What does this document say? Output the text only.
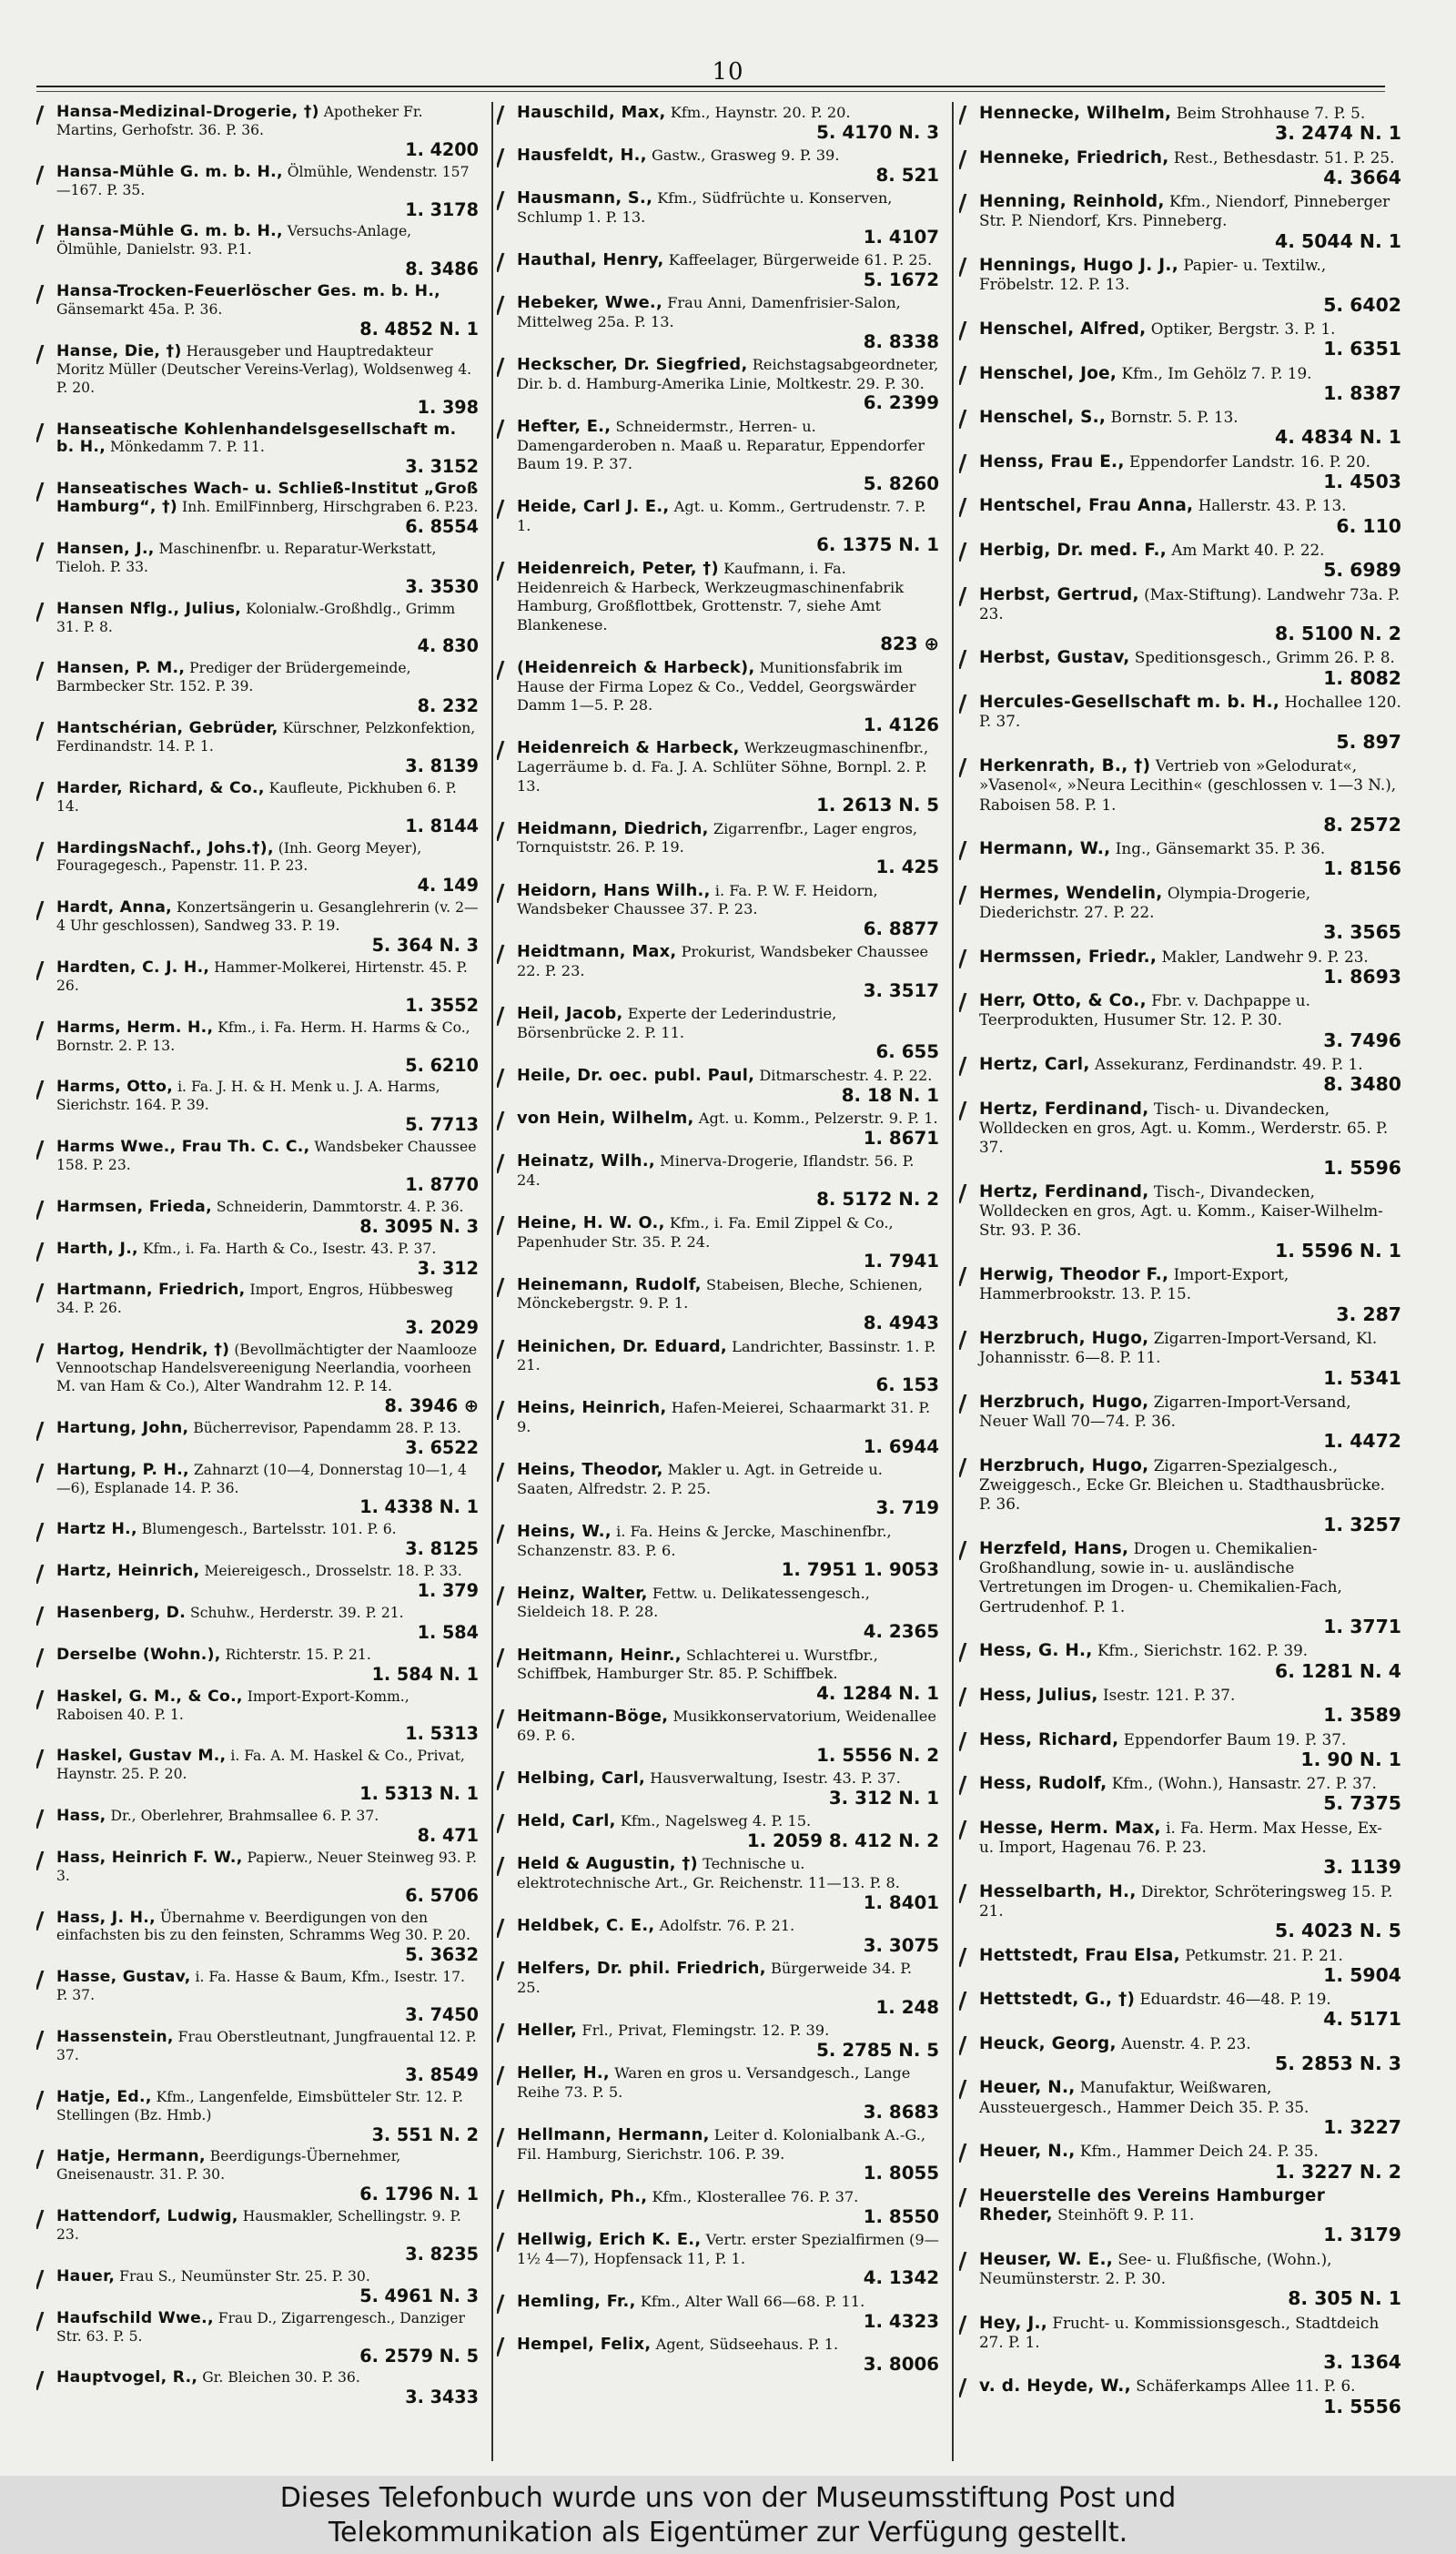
10
Hansa-Medizinal-Drogerie, †) Apotheker Fr. Martins, Gerhofstr. 36. P. 36.
1. 4200
Hansa-Mühle G. m. b. H., Ölmühle, Wendenstr. 157—167. P. 35.
1. 3178
Hansa-Mühle G. m. b. H., Versuchs-Anlage, Ölmühle, Danielstr. 93. P.1.
8. 3486
Hansa-Trocken-Feuerlöscher Ges. m. b. H., Gänsemarkt 45a. P. 36.
8. 4852 N. 1
Hanse, Die, †) Herausgeber und Hauptredakteur Moritz Müller (Deutscher Vereins-Verlag), Woldsenweg 4. P. 20.
1. 398
Hanseatische Kohlenhandelsgesellschaft m. b. H., Mönkedamm 7. P. 11.
3. 3152
Hanseatisches Wach- u. Schließ-Institut „Groß Hamburg“, †) Inh. EmilFinnberg, Hirschgraben 6. P.23.
6. 8554
Hansen, J., Maschinenfbr. u. Reparatur-Werkstatt, Tieloh. P. 33.
3. 3530
Hansen Nflg., Julius, Kolonialw.-Großhdlg., Grimm 31. P. 8.
4. 830
Hansen, P. M., Prediger der Brüdergemeinde, Barmbecker Str. 152. P. 39.
8. 232
Hantschérian, Gebrüder, Kürschner, Pelzkonfektion, Ferdinandstr. 14. P. 1.
3. 8139
Harder, Richard, & Co., Kaufleute, Pickhuben 6. P. 14.
1. 8144
HardingsNachf., Johs.†), (Inh. Georg Meyer), Fouragegesch., Papenstr. 11. P. 23.
4. 149
Hardt, Anna, Konzertsängerin u. Gesanglehrerin (v. 2—4 Uhr geschlossen), Sandweg 33. P. 19.
5. 364 N. 3
Hardten, C. J. H., Hammer-Molkerei, Hirtenstr. 45. P. 26.
1. 3552
Harms, Herm. H., Kfm., i. Fa. Herm. H. Harms & Co., Bornstr. 2. P. 13.
5. 6210
Harms, Otto, i. Fa. J. H. & H. Menk u. J. A. Harms, Sierichstr. 164. P. 39.
5. 7713
Harms Wwe., Frau Th. C. C., Wandsbeker Chaussee 158. P. 23.
1. 8770
Harmsen, Frieda, Schneiderin, Dammtorstr. 4. P. 36.
8. 3095 N. 3
Harth, J., Kfm., i. Fa. Harth & Co., Isestr. 43. P. 37.
3. 312
Hartmann, Friedrich, Import, Engros, Hübbesweg 34. P. 26.
3. 2029
Hartog, Hendrik, †) (Bevollmächtigter der Naamlooze Vennootschap Handelsvereenigung Neerlandia, voorheen M. van Ham & Co.), Alter Wandrahm 12. P. 14.
8. 3946 ⊕
Hartung, John, Bücherrevisor, Papendamm 28. P. 13.
3. 6522
Hartung, P. H., Zahnarzt (10—4, Donnerstag 10—1, 4—6), Esplanade 14. P. 36.
1. 4338 N. 1
Hartz H., Blumengesch., Bartelsstr. 101. P. 6.
3. 8125
Hartz, Heinrich, Meiereigesch., Drosselstr. 18. P. 33.
1. 379
Hasenberg, D. Schuhw., Herderstr. 39. P. 21.
1. 584
Derselbe (Wohn.), Richterstr. 15. P. 21.
1. 584 N. 1
Haskel, G. M., & Co., Import-Export-Komm., Raboisen 40. P. 1.
1. 5313
Haskel, Gustav M., i. Fa. A. M. Haskel & Co., Privat, Haynstr. 25. P. 20.
1. 5313 N. 1
Hass, Dr., Oberlehrer, Brahmsallee 6. P. 37.
8. 471
Hass, Heinrich F. W., Papierw., Neuer Steinweg 93. P. 3.
6. 5706
Hass, J. H., Übernahme v. Beerdigungen von den einfachsten bis zu den feinsten, Schramms Weg 30. P. 20.
5. 3632
Hasse, Gustav, i. Fa. Hasse & Baum, Kfm., Isestr. 17. P. 37.
3. 7450
Hassenstein, Frau Oberstleutnant, Jungfrauental 12. P. 37.
3. 8549
Hatje, Ed., Kfm., Langenfelde, Eimsbütteler Str. 12. P. Stellingen (Bz. Hmb.)
3. 551 N. 2
Hatje, Hermann, Beerdigungs-Übernehmer, Gneisenaustr. 31. P. 30.
6. 1796 N. 1
Hattendorf, Ludwig, Hausmakler, Schellingstr. 9. P. 23.
3. 8235
Hauer, Frau S., Neumünster Str. 25. P. 30.
5. 4961 N. 3
Haufschild Wwe., Frau D., Zigarrengesch., Danziger Str. 63. P. 5.
6. 2579 N. 5
Hauptvogel, R., Gr. Bleichen 30. P. 36.
3. 3433
Hauschild, Max, Kfm., Haynstr. 20. P. 20.
5. 4170 N. 3
Hausfeldt, H., Gastw., Grasweg 9. P. 39.
8. 521
Hausmann, S., Kfm., Südfrüchte u. Konserven, Schlump 1. P. 13.
1. 4107
Hauthal, Henry, Kaffeelager, Bürgerweide 61. P. 25.
5. 1672
Hebeker, Wwe., Frau Anni, Damenfrisier-Salon, Mittelweg 25a. P. 13.
8. 8338
Heckscher, Dr. Siegfried, Reichstagsabgeordneter, Dir. b. d. Hamburg-Amerika Linie, Moltkestr. 29. P. 30.
6. 2399
Hefter, E., Schneidermstr., Herren- u. Damengarderoben n. Maaß u. Reparatur, Eppendorfer Baum 19. P. 37.
5. 8260
Heide, Carl J. E., Agt. u. Komm., Gertrudenstr. 7. P. 1.
6. 1375 N. 1
Heidenreich, Peter, †) Kaufmann, i. Fa. Heidenreich & Harbeck, Werkzeugmaschinenfabrik Hamburg, Großflottbek, Grottenstr. 7, siehe Amt Blankenese.
823 ⊕
(Heidenreich & Harbeck), Munitionsfabrik im Hause der Firma Lopez & Co., Veddel, Georgswärder Damm 1—5. P. 28.
1. 4126
Heidenreich & Harbeck, Werkzeugmaschinenfbr., Lagerräume b. d. Fa. J. A. Schlüter Söhne, Bornpl. 2. P. 13.
1. 2613 N. 5
Heidmann, Diedrich, Zigarrenfbr., Lager engros, Tornquiststr. 26. P. 19.
1. 425
Heidorn, Hans Wilh., i. Fa. P. W. F. Heidorn, Wandsbeker Chaussee 37. P. 23.
6. 8877
Heidtmann, Max, Prokurist, Wandsbeker Chaussee 22. P. 23.
3. 3517
Heil, Jacob, Experte der Lederindustrie, Börsenbrücke 2. P. 11.
6. 655
Heile, Dr. oec. publ. Paul, Ditmarschestr. 4. P. 22.
8. 18 N. 1
von Hein, Wilhelm, Agt. u. Komm., Pelzerstr. 9. P. 1.
1. 8671
Heinatz, Wilh., Minerva-Drogerie, Iflandstr. 56. P. 24.
8. 5172 N. 2
Heine, H. W. O., Kfm., i. Fa. Emil Zippel & Co., Papenhuder Str. 35. P. 24.
1. 7941
Heinemann, Rudolf, Stabeisen, Bleche, Schienen, Mönckebergstr. 9. P. 1.
8. 4943
Heinichen, Dr. Eduard, Landrichter, Bassinstr. 1. P. 21.
6. 153
Heins, Heinrich, Hafen-Meierei, Schaarmarkt 31. P. 9.
1. 6944
Heins, Theodor, Makler u. Agt. in Getreide u. Saaten, Alfredstr. 2. P. 25.
3. 719
Heins, W., i. Fa. Heins & Jercke, Maschinenfbr., Schanzenstr. 83. P. 6.
1. 7951 1. 9053
Heinz, Walter, Fettw. u. Delikatessengesch., Sieldeich 18. P. 28.
4. 2365
Heitmann, Heinr., Schlachterei u. Wurstfbr., Schiffbek, Hamburger Str. 85. P. Schiffbek.
4. 1284 N. 1
Heitmann-Böge, Musikkonservatorium, Weidenallee 69. P. 6.
1. 5556 N. 2
Helbing, Carl, Hausverwaltung, Isestr. 43. P. 37.
3. 312 N. 1
Held, Carl, Kfm., Nagelsweg 4. P. 15.
1. 2059 8. 412 N. 2
Held & Augustin, †) Technische u. elektrotechnische Art., Gr. Reichenstr. 11—13. P. 8.
1. 8401
Heldbek, C. E., Adolfstr. 76. P. 21.
3. 3075
Helfers, Dr. phil. Friedrich, Bürgerweide 34. P. 25.
1. 248
Heller, Frl., Privat, Flemingstr. 12. P. 39.
5. 2785 N. 5
Heller, H., Waren en gros u. Versandgesch., Lange Reihe 73. P. 5.
3. 8683
Hellmann, Hermann, Leiter d. Kolonialbank A.-G., Fil. Hamburg, Sierichstr. 106. P. 39.
1. 8055
Hellmich, Ph., Kfm., Klosterallee 76. P. 37.
1. 8550
Hellwig, Erich K. E., Vertr. erster Spezialfirmen (9—1½ 4—7), Hopfensack 11, P. 1.
4. 1342
Hemling, Fr., Kfm., Alter Wall 66—68. P. 11.
1. 4323
Hempel, Felix, Agent, Südseehaus. P. 1.
3. 8006
Hennecke, Wilhelm, Beim Strohhause 7. P. 5.
3. 2474 N. 1
Henneke, Friedrich, Rest., Bethesdastr. 51. P. 25.
4. 3664
Henning, Reinhold, Kfm., Niendorf, Pinneberger Str. P. Niendorf, Krs. Pinneberg.
4. 5044 N. 1
Hennings, Hugo J. J., Papier- u. Textilw., Fröbelstr. 12. P. 13.
5. 6402
Henschel, Alfred, Optiker, Bergstr. 3. P. 1.
1. 6351
Henschel, Joe, Kfm., Im Gehölz 7. P. 19.
1. 8387
Henschel, S., Bornstr. 5. P. 13.
4. 4834 N. 1
Henss, Frau E., Eppendorfer Landstr. 16. P. 20.
1. 4503
Hentschel, Frau Anna, Hallerstr. 43. P. 13.
6. 110
Herbig, Dr. med. F., Am Markt 40. P. 22.
5. 6989
Herbst, Gertrud, (Max-Stiftung). Landwehr 73a. P. 23.
8. 5100 N. 2
Herbst, Gustav, Speditionsgesch., Grimm 26. P. 8.
1. 8082
Hercules-Gesellschaft m. b. H., Hochallee 120. P. 37.
5. 897
Herkenrath, B., †) Vertrieb von »Gelodurat«, »Vasenol«, »Neura Lecithin« (geschlossen v. 1—3 N.), Raboisen 58. P. 1.
8. 2572
Hermann, W., Ing., Gänsemarkt 35. P. 36.
1. 8156
Hermes, Wendelin, Olympia-Drogerie, Diederichstr. 27. P. 22.
3. 3565
Hermssen, Friedr., Makler, Landwehr 9. P. 23.
1. 8693
Herr, Otto, & Co., Fbr. v. Dachpappe u. Teerprodukten, Husumer Str. 12. P. 30.
3. 7496
Hertz, Carl, Assekuranz, Ferdinandstr. 49. P. 1.
8. 3480
Hertz, Ferdinand, Tisch- u. Divandecken, Wolldecken en gros, Agt. u. Komm., Werderstr. 65. P. 37.
1. 5596
Hertz, Ferdinand, Tisch-, Divandecken, Wolldecken en gros, Agt. u. Komm., Kaiser-Wilhelm-Str. 93. P. 36.
1. 5596 N. 1
Herwig, Theodor F., Import-Export, Hammerbrookstr. 13. P. 15.
3. 287
Herzbruch, Hugo, Zigarren-Import-Versand, Kl. Johannisstr. 6—8. P. 11.
1. 5341
Herzbruch, Hugo, Zigarren-Import-Versand, Neuer Wall 70—74. P. 36.
1. 4472
Herzbruch, Hugo, Zigarren-Spezialgesch., Zweiggesch., Ecke Gr. Bleichen u. Stadthausbrücke. P. 36.
1. 3257
Herzfeld, Hans, Drogen u. Chemikalien-Großhandlung, sowie in- u. ausländische Vertretungen im Drogen- u. Chemikalien-Fach, Gertrudenhof. P. 1.
1. 3771
Hess, G. H., Kfm., Sierichstr. 162. P. 39.
6. 1281 N. 4
Hess, Julius, Isestr. 121. P. 37.
1. 3589
Hess, Richard, Eppendorfer Baum 19. P. 37.
1. 90 N. 1
Hess, Rudolf, Kfm., (Wohn.), Hansastr. 27. P. 37.
5. 7375
Hesse, Herm. Max, i. Fa. Herm. Max Hesse, Ex- u. Import, Hagenau 76. P. 23.
3. 1139
Hesselbarth, H., Direktor, Schröteringsweg 15. P. 21.
5. 4023 N. 5
Hettstedt, Frau Elsa, Petkumstr. 21. P. 21.
1. 5904
Hettstedt, G., †) Eduardstr. 46—48. P. 19.
4. 5171
Heuck, Georg, Auenstr. 4. P. 23.
5. 2853 N. 3
Heuer, N., Manufaktur, Weißwaren, Aussteuergesch., Hammer Deich 35. P. 35.
1. 3227
Heuer, N., Kfm., Hammer Deich 24. P. 35.
1. 3227 N. 2
Heuerstelle des Vereins Hamburger Rheder, Steinhöft 9. P. 11.
1. 3179
Heuser, W. E., See- u. Flußfische, (Wohn.), Neumünsterstr. 2. P. 30.
8. 305 N. 1
Hey, J., Frucht- u. Kommissionsgesch., Stadtdeich 27. P. 1.
3. 1364
v. d. Heyde, W., Schäferkamps Allee 11. P. 6.
1. 5556
Dieses Telefonbuch wurde uns von der Museumsstiftung Post und
Telekommunikation als Eigentümer zur Verfügung gestellt.
